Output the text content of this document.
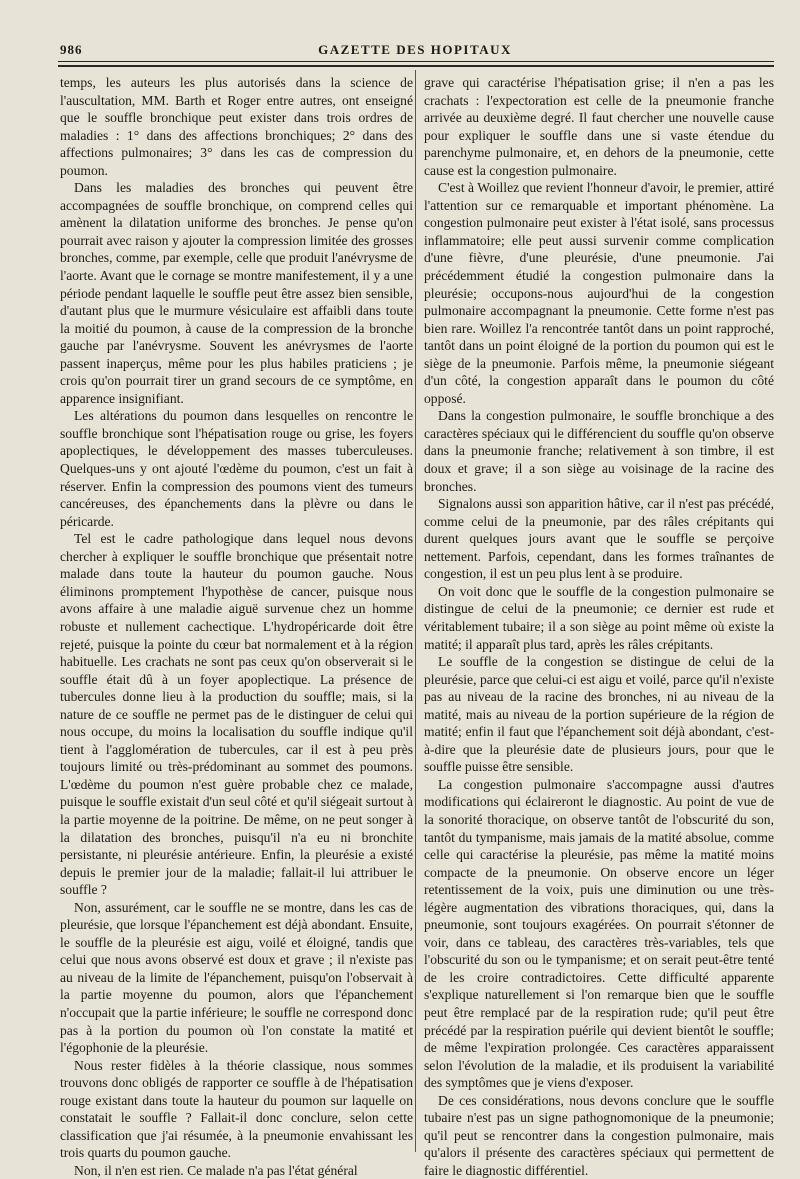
986	GAZETTE DES HOPITAUX

temps, les auteurs les plus autorisés dans la science de l'auscultation, MM. Barth et Roger entre autres, ont enseigné que le souffle bronchique peut exister dans trois ordres de maladies : 1° dans des affections bronchiques; 2° dans des affections pulmonaires; 3° dans les cas de compression du poumon.

Dans les maladies des bronches qui peuvent être accompagnées de souffle bronchique, on comprend celles qui amènent la dilatation uniforme des bronches. Je pense qu'on pourrait avec raison y ajouter la compression limitée des grosses bronches, comme, par exemple, celle que produit l'anévrysme de l'aorte. Avant que le cornage se montre manifestement, il y a une période pendant laquelle le souffle peut être assez bien sensible, d'autant plus que le murmure vésiculaire est affaibli dans toute la moitié du poumon, à cause de la compression de la bronche gauche par l'anévrysme. Souvent les anévrysmes de l'aorte passent inaperçus, même pour les plus habiles praticiens ; je crois qu'on pourrait tirer un grand secours de ce symptôme, en apparence insignifiant.

Les altérations du poumon dans lesquelles on rencontre le souffle bronchique sont l'hépatisation rouge ou grise, les foyers apoplectiques, le développement des masses tuberculeuses. Quelques-uns y ont ajouté l'œdème du poumon, c'est un fait à réserver. Enfin la compression des poumons vient des tumeurs cancéreuses, des épanchements dans la plèvre ou dans le péricarde.

Tel est le cadre pathologique dans lequel nous devons chercher à expliquer le souffle bronchique que présentait notre malade dans toute la hauteur du poumon gauche. Nous éliminons promptement l'hypothèse de cancer, puisque nous avons affaire à une maladie aiguë survenue chez un homme robuste et nullement cachectique. L'hydropéricarde doit être rejeté, puisque la pointe du cœur bat normalement et à la région habituelle. Les crachats ne sont pas ceux qu'on observerait si le souffle était dû à un foyer apoplectique. La présence de tubercules donne lieu à la production du souffle; mais, si la nature de ce souffle ne permet pas de le distinguer de celui qui nous occupe, du moins la localisation du souffle indique qu'il tient à l'agglomération de tubercules, car il est à peu près toujours limité ou très-prédominant au sommet des poumons. L'œdème du poumon n'est guère probable chez ce malade, puisque le souffle existait d'un seul côté et qu'il siégeait surtout à la partie moyenne de la poitrine. De même, on ne peut songer à la dilatation des bronches, puisqu'il n'a eu ni bronchite persistante, ni pleurésie antérieure. Enfin, la pleurésie a existé depuis le premier jour de la maladie; fallait-il lui attribuer le souffle ?

Non, assurément, car le souffle ne se montre, dans les cas de pleurésie, que lorsque l'épanchement est déjà abondant. Ensuite, le souffle de la pleurésie est aigu, voilé et éloigné, tandis que celui que nous avons observé est doux et grave ; il n'existe pas au niveau de la limite de l'épanchement, puisqu'on l'observait à la partie moyenne du poumon, alors que l'épanchement n'occupait que la partie inférieure; le souffle ne correspond donc pas à la portion du poumon où l'on constate la matité et l'égophonie de la pleurésie.

Nous rester fidèles à la théorie classique, nous sommes trouvons donc obligés de rapporter ce souffle à de l'hépatisation rouge existant dans toute la hauteur du poumon sur laquelle on constatait le souffle ? Fallait-il donc conclure, selon cette classification que j'ai résumée, à la pneumonie envahissant les trois quarts du poumon gauche.

Non, il n'en est rien. Ce malade n'a pas l'état général

grave qui caractérise l'hépatisation grise; il n'en a pas les crachats : l'expectoration est celle de la pneumonie franche arrivée au deuxième degré. Il faut chercher une nouvelle cause pour expliquer le souffle dans une si vaste étendue du parenchyme pulmonaire, et, en dehors de la pneumonie, cette cause est la congestion pulmonaire.

C'est à Woillez que revient l'honneur d'avoir, le premier, attiré l'attention sur ce remarquable et important phénomène. La congestion pulmonaire peut exister à l'état isolé, sans processus inflammatoire; elle peut aussi survenir comme complication d'une fièvre, d'une pleurésie, d'une pneumonie. J'ai précédemment étudié la congestion pulmonaire dans la pleurésie; occupons-nous aujourd'hui de la congestion pulmonaire accompagnant la pneumonie. Cette forme n'est pas bien rare. Woillez l'a rencontrée tantôt dans un point rapproché, tantôt dans un point éloigné de la portion du poumon qui est le siège de la pneumonie. Parfois même, la pneumonie siégeant d'un côté, la congestion apparaît dans le poumon du côté opposé.

Dans la congestion pulmonaire, le souffle bronchique a des caractères spéciaux qui le différencient du souffle qu'on observe dans la pneumonie franche; relativement à son timbre, il est doux et grave; il a son siège au voisinage de la racine des bronches.

Signalons aussi son apparition hâtive, car il n'est pas précédé, comme celui de la pneumonie, par des râles crépitants qui durent quelques jours avant que le souffle se perçoive nettement. Parfois, cependant, dans les formes traînantes de congestion, il est un peu plus lent à se produire.

On voit donc que le souffle de la congestion pulmonaire se distingue de celui de la pneumonie; ce dernier est rude et véritablement tubaire; il a son siège au point même où existe la matité; il apparaît plus tard, après les râles crépitants.

Le souffle de la congestion se distingue de celui de la pleurésie, parce que celui-ci est aigu et voilé, parce qu'il n'existe pas au niveau de la racine des bronches, ni au niveau de la matité, mais au niveau de la portion supérieure de la région de matité; enfin il faut que l'épanchement soit déjà abondant, c'est-à-dire que la pleurésie date de plusieurs jours, pour que le souffle puisse être sensible.

La congestion pulmonaire s'accompagne aussi d'autres modifications qui éclaireront le diagnostic. Au point de vue de la sonorité thoracique, on observe tantôt de l'obscurité du son, tantôt du tympanisme, mais jamais de la matité absolue, comme celle qui caractérise la pleurésie, pas même la matité moins compacte de la pneumonie. On observe encore un léger retentissement de la voix, puis une diminution ou une très-légère augmentation des vibrations thoraciques, qui, dans la pneumonie, sont toujours exagérées. On pourrait s'étonner de voir, dans ce tableau, des caractères très-variables, tels que l'obscurité du son ou le tympanisme; et on serait peut-être tenté de les croire contradictoires. Cette difficulté apparente s'explique naturellement si l'on remarque bien que le souffle peut être remplacé par de la respiration rude; qu'il peut être précédé par la respiration puérile qui devient bientôt le souffle; de même l'expiration prolongée. Ces caractères apparaissent selon l'évolution de la maladie, et ils produisent la variabilité des symptômes que je viens d'exposer.

De ces considérations, nous devons conclure que le souffle tubaire n'est pas un signe pathognomonique de la pneumonie; qu'il peut se rencontrer dans la congestion pulmonaire, mais qu'alors il présente des caractères spéciaux qui permettent de faire le diagnostic différentiel.
